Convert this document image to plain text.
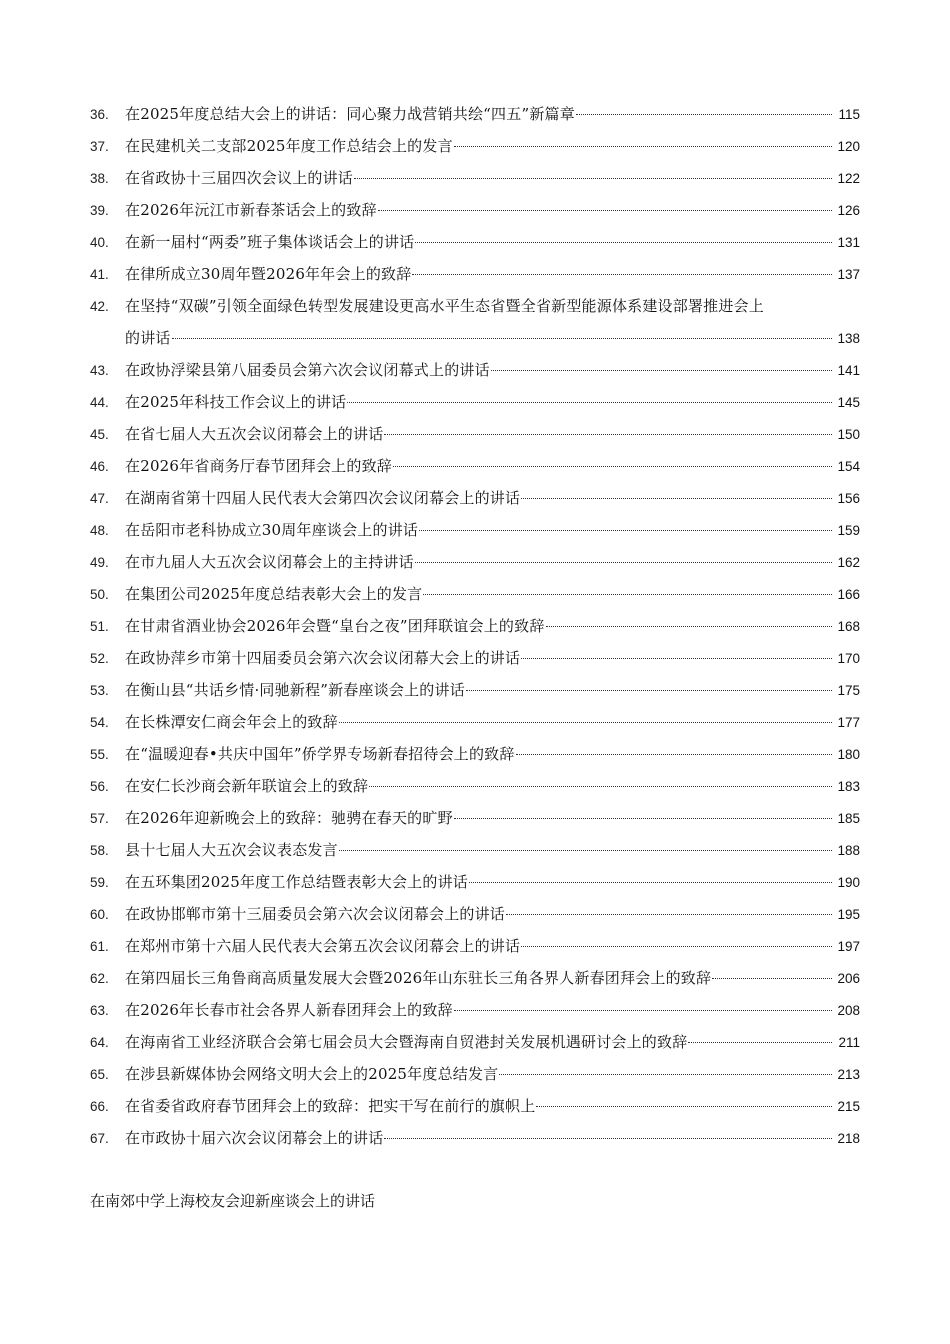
36.	在2025年度总结大会上的讲话：同心聚力战营销共绘“四五”新篇章	115
37.	在民建机关二支部2025年度工作总结会上的发言	120
38.	在省政协十三届四次会议上的讲话	122
39.	在2026年沅江市新春茶话会上的致辞	126
40.	在新一届村“两委”班子集体谈话会上的讲话	131
41.	在律所成立30周年暨2026年年会上的致辞	137
42.	在坚持“双碳”引领全面绿色转型发展建设更高水平生态省暨全省新型能源体系建设部署推进会上
的讲话	138
43.	在政协浮梁县第八届委员会第六次会议闭幕式上的讲话	141
44.	在2025年科技工作会议上的讲话	145
45.	在省七届人大五次会议闭幕会上的讲话	150
46.	在2026年省商务厅春节团拜会上的致辞	154
47.	在湖南省第十四届人民代表大会第四次会议闭幕会上的讲话	156
48.	在岳阳市老科协成立30周年座谈会上的讲话	159
49.	在市九届人大五次会议闭幕会上的主持讲话	162
50.	在集团公司2025年度总结表彰大会上的发言	166
51.	在甘肃省酒业协会2026年会暨“皇台之夜”团拜联谊会上的致辞	168
52.	在政协萍乡市第十四届委员会第六次会议闭幕大会上的讲话	170
53.	在衡山县“共话乡情·同驰新程”新春座谈会上的讲话	175
54.	在长株潭安仁商会年会上的致辞	177
55.	在“温暖迎春•共庆中国年”侨学界专场新春招待会上的致辞	180
56.	在安仁长沙商会新年联谊会上的致辞	183
57.	在2026年迎新晚会上的致辞：驰骋在春天的旷野	185
58.	县十七届人大五次会议表态发言	188
59.	在五环集团2025年度工作总结暨表彰大会上的讲话	190
60.	在政协邯郸市第十三届委员会第六次会议闭幕会上的讲话	195
61.	在郑州市第十六届人民代表大会第五次会议闭幕会上的讲话	197
62.	在第四届长三角鲁商高质量发展大会暨2026年山东驻长三角各界人新春团拜会上的致辞	206
63.	在2026年长春市社会各界人新春团拜会上的致辞	208
64.	在海南省工业经济联合会第七届会员大会暨海南自贸港封关发展机遇研讨会上的致辞	211
65.	在涉县新媒体协会网络文明大会上的2025年度总结发言	213
66.	在省委省政府春节团拜会上的致辞：把实干写在前行的旗帜上	215
67.	在市政协十届六次会议闭幕会上的讲话	218
在南郊中学上海校友会迎新座谈会上的讲话
